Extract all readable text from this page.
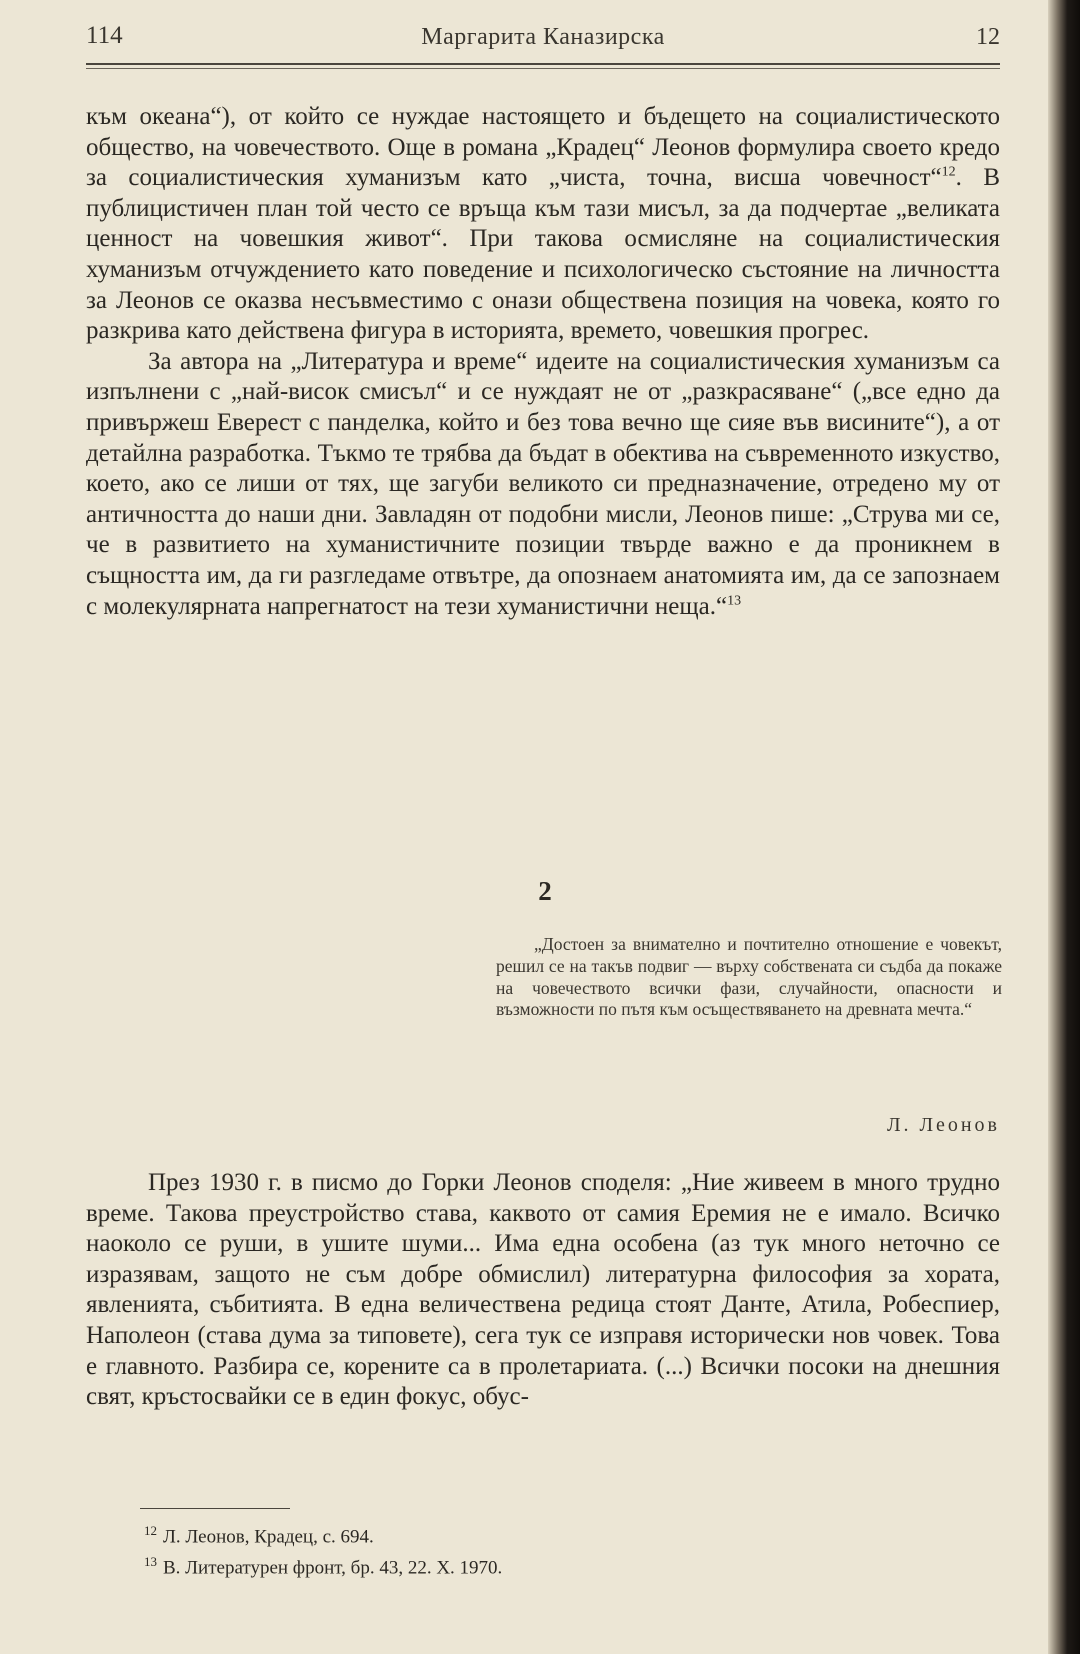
114	Маргарита Каназирска	12

към океана“), от който се нуждае настоящето и бъдещето на социалистическото общество, на човечеството. Още в романа „Крадец“ Леонов формулира своето кредо за социалистическия хуманизъм като „чиста, точна, висша човечност“$^{12}$. В публицистичен план той често се връща към тази мисъл, за да подчертае „великата ценност на човешкия живот“. При такова осмисляне на социалистическия хуманизъм отчуждението като поведение и психологическо състояние на личността за Леонов се оказва несъвместимо с онази обществена позиция на човека, която го разкрива като действена фигура в историята, времето, човешкия прогрес.

За автора на „Литература и време“ идеите на социалистическия хуманизъм са изпълнени с „най-висок смисъл“ и се нуждаят не от „разкрасяване“ („все едно да привържеш Еверест с панделка, който и без това вечно ще сияе във висините“), а от детайлна разработка. Тъкмо те трябва да бъдат в обектива на съвременното изкуство, което, ако се лиши от тях, ще загуби великото си предназначение, отредено му от античността до наши дни. Завладян от подобни мисли, Леонов пише: „Струва ми се, че в развитието на хуманистичните позиции твърде важно е да проникнем в същността им, да ги разгледаме отвътре, да опознаем анатомията им, да се запознаем с молекулярната напрегнатост на тези хуманистични неща.“$^{13}$

2

„Достоен за внимателно и почтително отношение е човекът, решил се на такъв подвиг — върху собствената си съдба да покаже на човечеството всички фази, случайности, опасности и възможности по пътя към осъществяването на древната мечта.“

Л. Леонов

През 1930 г. в писмо до Горки Леонов споделя: „Ние живеем в много трудно време. Такова преустройство става, каквото от самия Еремия не е имало. Всичко наоколо се руши, в ушите шуми... Има една особена (аз тук много неточно се изразявам, защото не съм добре обмислил) литературна философия за хората, явленията, събитията. В една величествена редица стоят Данте, Атила, Робеспиер, Наполеон (става дума за типовете), сега тук се изправя исторически нов човек. Това е главното. Разбира се, корените са в пролетариата. (...) Всички посоки на днешния свят, кръстосвайки се в един фокус, обус-

$^{12}$ Л. Леонов, Крадец, с. 694.
$^{13}$ В. Литературен фронт, бр. 43, 22. X. 1970.
